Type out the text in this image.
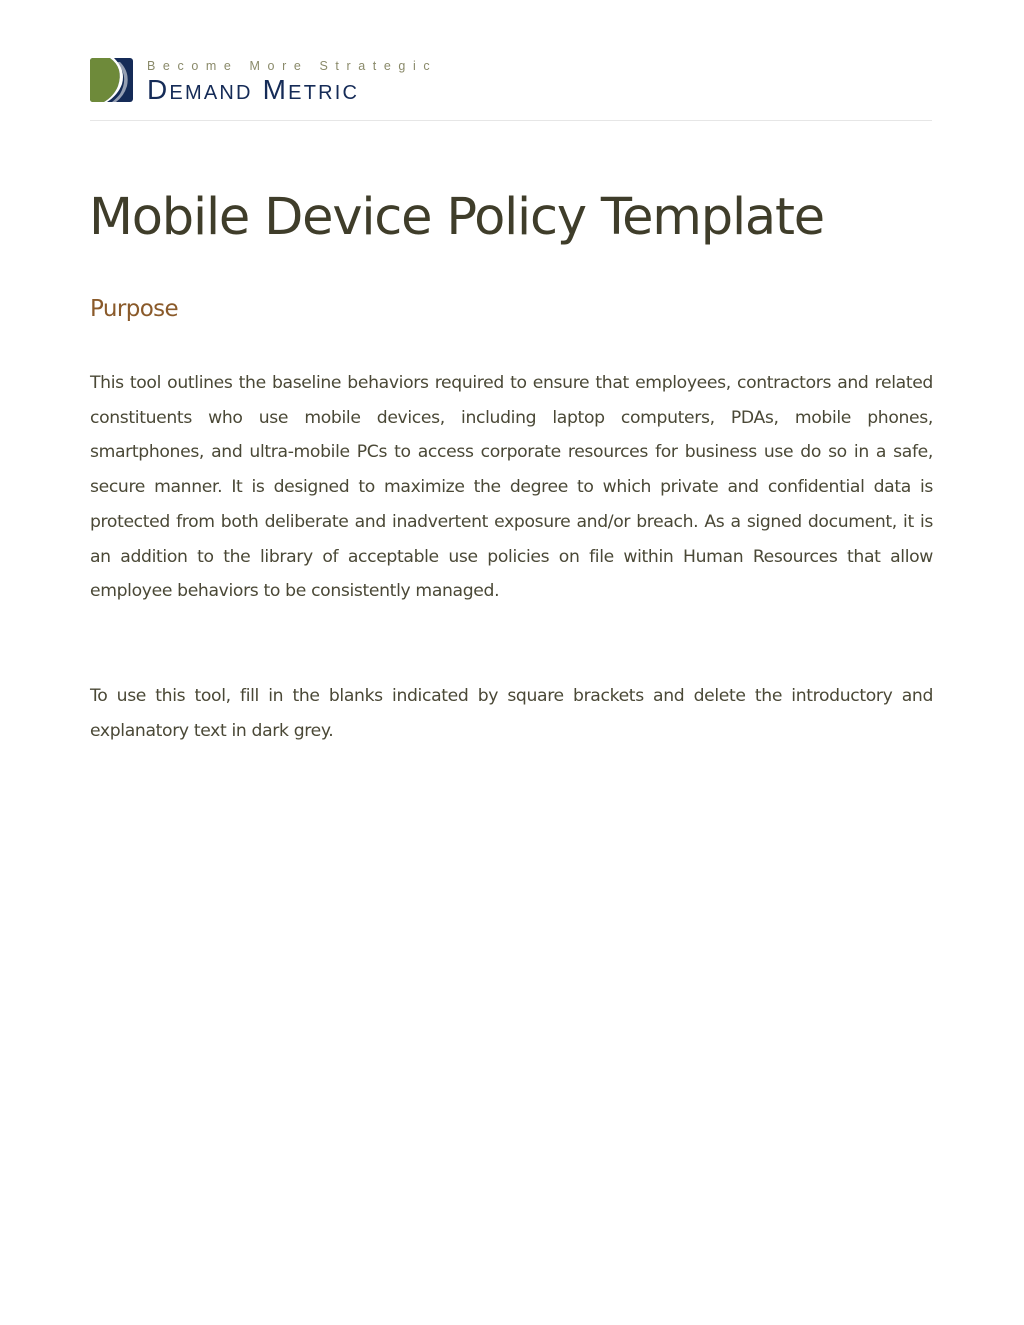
Become More Strategic
Demand Metric
Mobile Device Policy Template
Purpose

This tool outlines the baseline behaviors required to ensure that employees, contractors and related constituents who use mobile devices, including laptop computers, PDAs, mobile phones, smartphones, and ultra-mobile PCs to access corporate resources for business use do so in a safe, secure manner. It is designed to maximize the degree to which private and confidential data is protected from both deliberate and inadvertent exposure and/or breach. As a signed document, it is an addition to the library of acceptable use policies on file within Human Resources that allow employee behaviors to be consistently managed.

To use this tool, fill in the blanks indicated by square brackets and delete the introductory and explanatory text in dark grey.
